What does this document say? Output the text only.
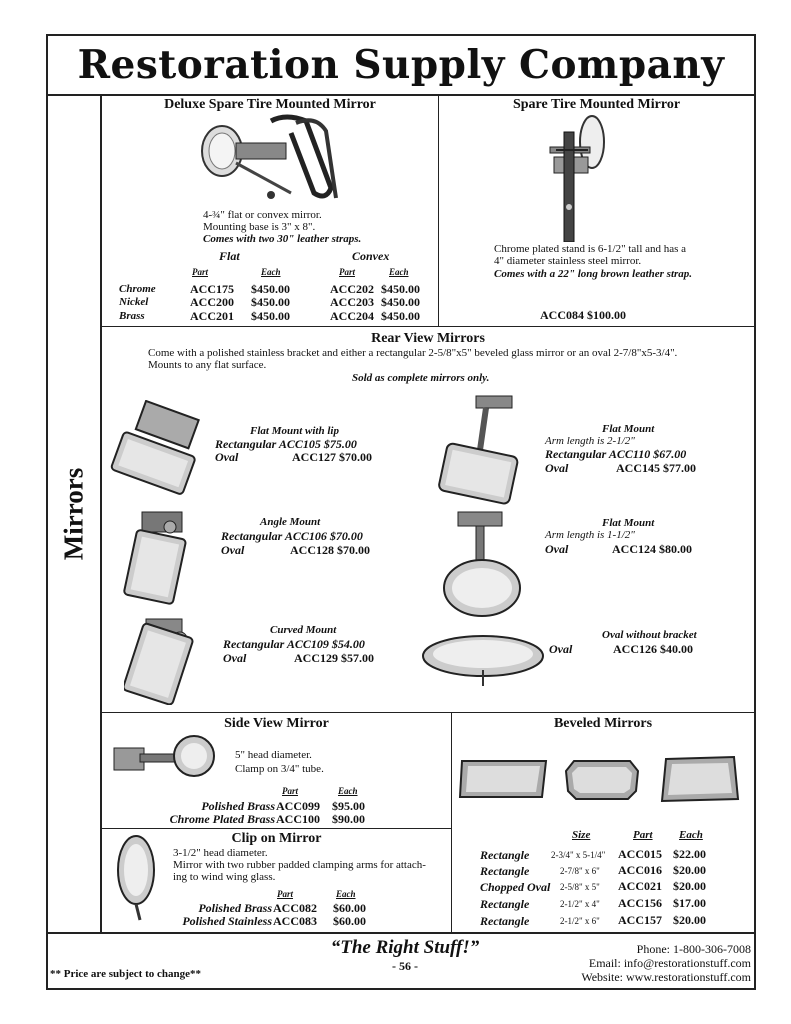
Restoration Supply Company
Mirrors
Deluxe Spare Tire Mounted Mirror
4-¾" flat or convex mirror.
Mounting base is 3" x 8".
Comes with two 30" leather straps.
Flat	Convex
Part	Each	Part	Each
Chrome	ACC175 $450.00	ACC202 $450.00
Nickel	ACC200 $450.00	ACC203 $450.00
Brass	ACC201 $450.00	ACC204 $450.00
Spare Tire Mounted Mirror
Chrome plated stand is 6-1/2" tall and has a
4" diameter stainless steel mirror.
Comes with a 22" long brown leather strap.
ACC084 $100.00
Rear View Mirrors
Come with a polished stainless bracket and either a rectangular 2-5/8"x5" beveled glass mirror or an oval 2-7/8"x5-3/4".
Mounts to any flat surface.
Sold as complete mirrors only.
Flat Mount with lip
Rectangular ACC105 $75.00
Oval	ACC127 $70.00
Angle Mount
Rectangular ACC106 $70.00
Oval	ACC128 $70.00
Curved Mount
Rectangular ACC109 $54.00
Oval	ACC129 $57.00
Flat Mount
Arm length is 2-1/2"
Rectangular ACC110 $67.00
Oval	ACC145 $77.00
Flat Mount
Arm length is 1-1/2"
Oval	ACC124 $80.00
Oval without bracket
Oval	ACC126 $40.00
Side View Mirror
5" head diameter.
Clamp on 3/4" tube.
Part	Each
Polished Brass ACC099 $95.00
Chrome Plated Brass ACC100 $90.00
Clip on Mirror
3-1/2" head diameter.
Mirror with two rubber padded clamping arms for attach-
ing to wind wing glass.
Part	Each
Polished Brass ACC082 $60.00
Polished Stainless ACC083 $60.00
Beveled Mirrors
Size	Part Each
Rectangle 2-3/4" x 5-1/4" ACC015 $22.00
Rectangle	2-7/8" x 6" ACC016 $20.00
Chopped Oval 2-5/8" x 5" ACC021 $20.00
Rectangle	2-1/2" x 4" ACC156 $17.00
Rectangle	2-1/2" x 6" ACC157 $20.00
“The Right Stuff!”
- 56 -
** Price are subject to change**
Phone: 1-800-306-7008
Email: info@restorationstuff.com
Website: www.restorationstuff.com
